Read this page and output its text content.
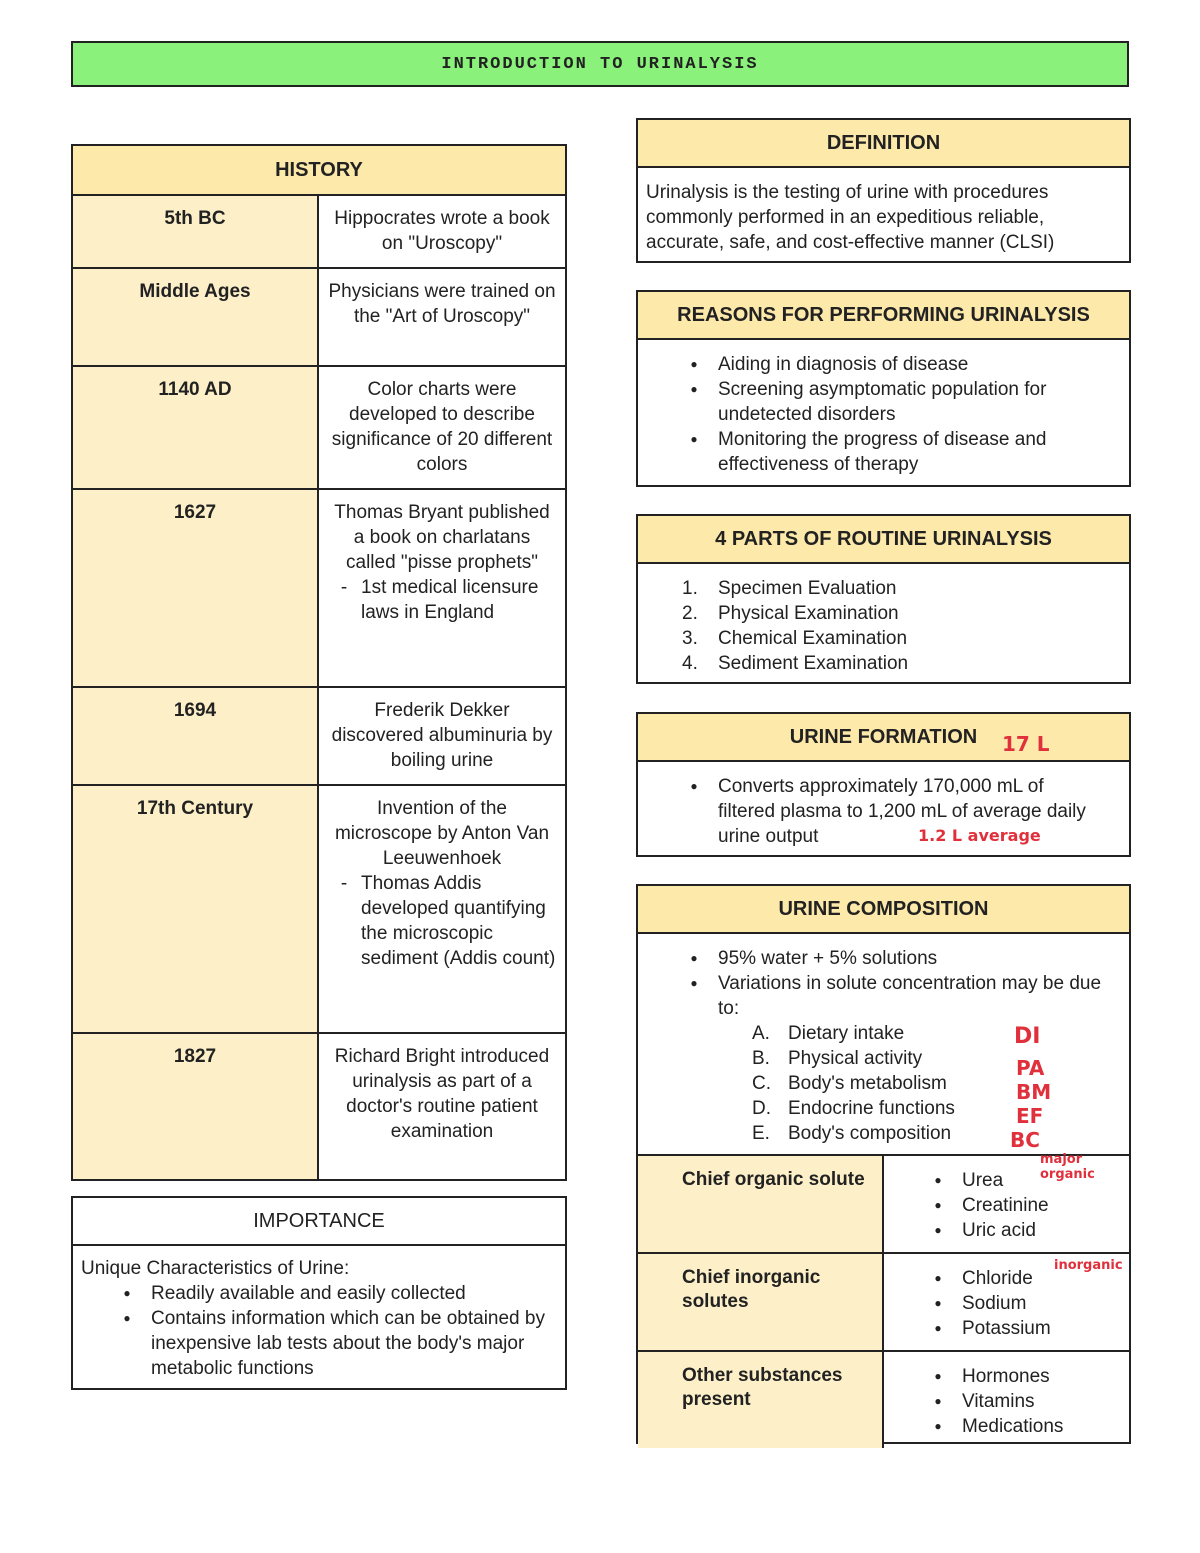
INTRODUCTION TO URINALYSIS
HISTORY
5th BC	Hippocrates wrote a book on "Uroscopy"
Middle Ages	Physicians were trained on the "Art of Uroscopy"
1140 AD	Color charts were developed to describe significance of 20 different colors
1627	Thomas Bryant published a book on charlatans called "pisse prophets"
- 1st medical licensure laws in England
1694	Frederik Dekker discovered albuminuria by boiling urine
17th Century	Invention of the microscope by Anton Van Leeuwenhoek
- Thomas Addis developed quantifying the microscopic sediment (Addis count)
1827	Richard Bright introduced urinalysis as part of a doctor's routine patient examination
IMPORTANCE
Unique Characteristics of Urine:
● Readily available and easily collected
● Contains information which can be obtained by inexpensive lab tests about the body's major metabolic functions
DEFINITION
Urinalysis is the testing of urine with procedures commonly performed in an expeditious reliable, accurate, safe, and cost-effective manner (CLSI)
REASONS FOR PERFORMING URINALYSIS
● Aiding in diagnosis of disease
● Screening asymptomatic population for undetected disorders
● Monitoring the progress of disease and effectiveness of therapy
4 PARTS OF ROUTINE URINALYSIS
1. Specimen Evaluation
2. Physical Examination
3. Chemical Examination
4. Sediment Examination
URINE FORMATION
● Converts approximately 170,000 mL of filtered plasma to 1,200 mL of average daily urine output
URINE COMPOSITION
● 95% water + 5% solutions
● Variations in solute concentration may be due to:
A. Dietary intake
B. Physical activity
C. Body's metabolism
D. Endocrine functions
E. Body's composition
Chief organic solute
●	Urea
● Creatinine
● Uric acid
Chief inorganic solutes
● Chloride
● Sodium
● Potassium
Other substances present
● Hormones
● Vitamins
● Medications
17 L
1.2 L average
DI
PA
BM
EF
BC
major organic
inorganic
